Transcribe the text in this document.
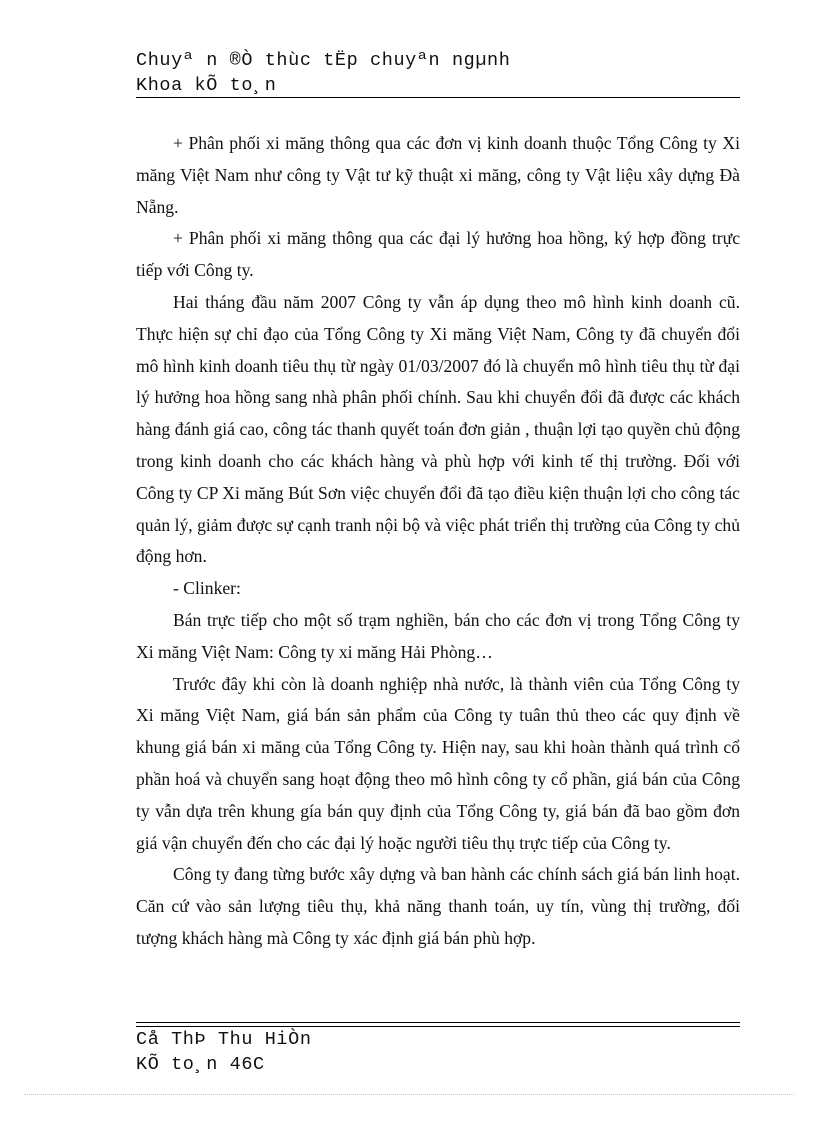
Chuyª n ®Ò thùc tËp chuyªn ngµnh
Khoa kÕ to¸n

+ Phân phối xi măng thông qua các đơn vị kinh doanh thuộc Tổng Công ty Xi măng Việt Nam như công ty Vật tư kỹ thuật xi măng, công ty Vật liệu xây dựng Đà Nẵng.

+ Phân phối xi măng thông qua các đại lý hưởng hoa hồng, ký hợp đồng trực tiếp với Công ty.

Hai tháng đầu năm 2007 Công ty vẫn áp dụng theo mô hình kinh doanh cũ. Thực hiện sự chỉ đạo của Tổng Công ty Xi măng Việt Nam, Công ty đã chuyển đổi mô hình kinh doanh tiêu thụ từ ngày 01/03/2007 đó là chuyển mô hình tiêu thụ từ đại lý hưởng hoa hồng sang nhà phân phối chính. Sau khi chuyển đổi đã được các khách hàng đánh giá cao, công tác thanh quyết toán đơn giản , thuận lợi tạo quyền chủ động trong kinh doanh cho các khách hàng và phù hợp với kinh tế thị trường. Đối với Công ty CP Xi măng Bút Sơn việc chuyển đổi đã tạo điều kiện thuận lợi cho công tác quản lý, giảm được sự cạnh tranh nội bộ và việc phát triển thị trường của Công ty chủ động hơn.

- Clinker:

Bán trực tiếp cho một số trạm nghiền, bán cho các đơn vị trong Tổng Công ty Xi măng Việt Nam: Công ty xi măng Hải Phòng…

Trước đây khi còn là doanh nghiệp nhà nước, là thành viên của Tổng Công ty Xi măng Việt Nam, giá bán sản phẩm của Công ty tuân thủ theo các quy định về khung giá bán xi măng của Tổng Công ty. Hiện nay, sau khi hoàn thành quá trình cổ phần hoá và chuyển sang hoạt động theo mô hình công ty cổ phần, giá bán của Công ty vẫn dựa trên khung gía bán quy định của Tổng Công ty, giá bán đã bao gồm đơn giá vận chuyển đến cho các đại lý hoặc người tiêu thụ trực tiếp của Công ty.

Công ty đang từng bước xây dựng và ban hành các chính sách giá bán linh hoạt. Căn cứ vào sản lượng tiêu thụ, khả năng thanh toán, uy tín, vùng thị trường, đối tượng khách hàng mà Công ty xác định giá bán phù hợp.

Cå ThÞ Thu HiÒn
KÕ to¸n 46C
